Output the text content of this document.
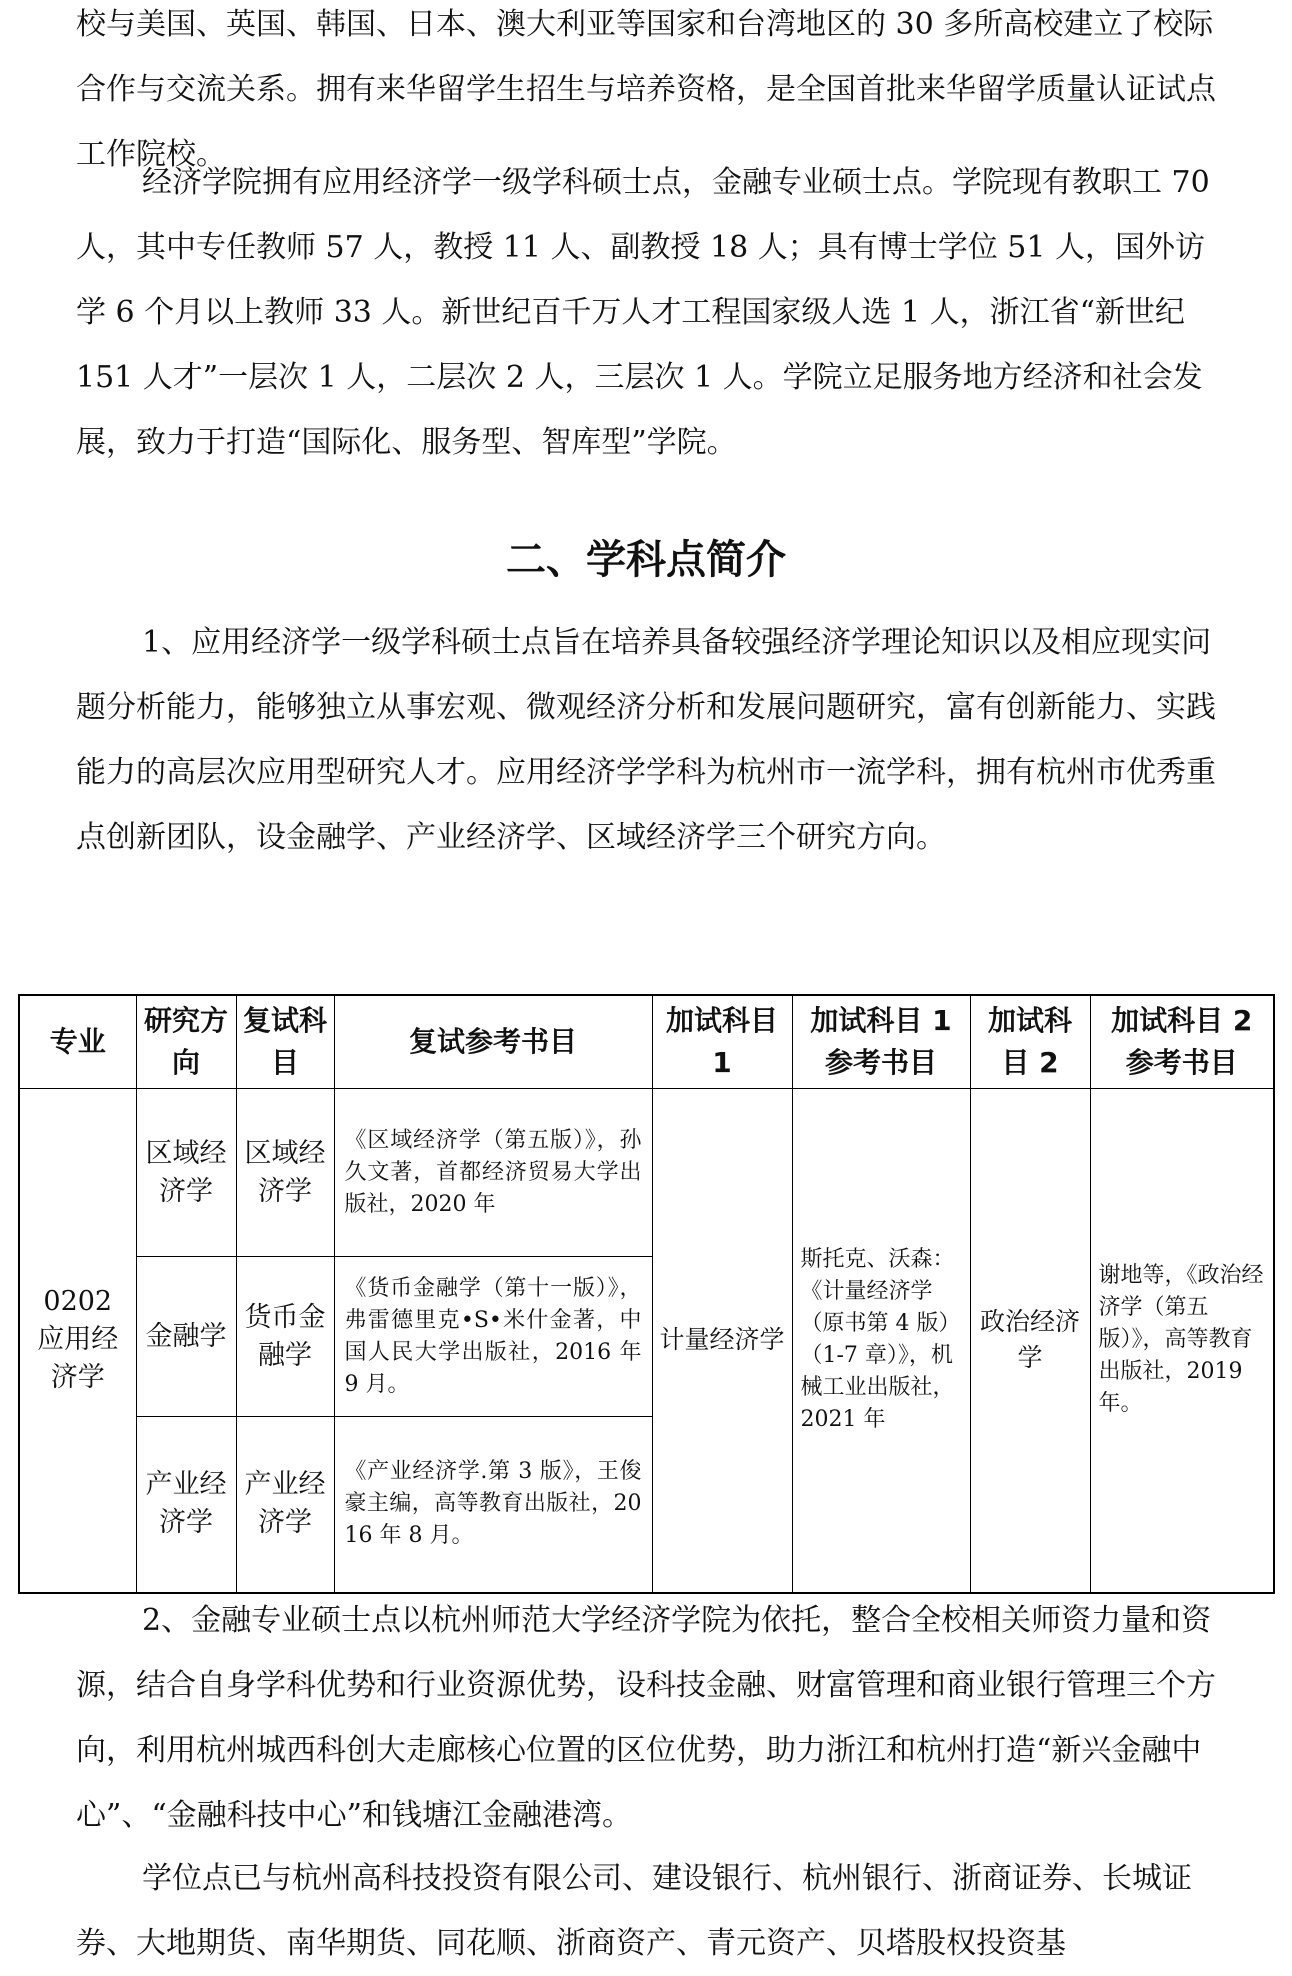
校与美国、英国、韩国、日本、澳大利亚等国家和台湾地区的 30 多所高校建立了校际合作与交流关系。拥有来华留学生招生与培养资格，是全国首批来华留学质量认证试点工作院校。

经济学院拥有应用经济学一级学科硕士点，金融专业硕士点。学院现有教职工 70 人，其中专任教师 57 人，教授 11 人、副教授 18 人；具有博士学位 51 人，国外访学 6 个月以上教师 33 人。新世纪百千万人才工程国家级人选 1 人，浙江省“新世纪 151 人才”一层次 1 人，二层次 2 人，三层次 1 人。学院立足服务地方经济和社会发展，致力于打造“国际化、服务型、智库型”学院。

二、学科点简介

1、应用经济学一级学科硕士点旨在培养具备较强经济学理论知识以及相应现实问题分析能力，能够独立从事宏观、微观经济分析和发展问题研究，富有创新能力、实践能力的高层次应用型研究人才。应用经济学学科为杭州市一流学科，拥有杭州市优秀重点创新团队，设金融学、产业经济学、区域经济学三个研究方向。

专业	研究方向	复试科目	复试参考书目	加试科目 1	加试科目 1 参考书目	加试科目 2	加试科目 2 参考书目
0202 应用经济学	区域经济学	区域经济学	《区域经济学（第五版）》，孙久文著，首都经济贸易大学出版社，2020 年	计量经济学	斯托克、沃森：《计量经济学（原书第 4 版）（1-7 章）》，机械工业出版社，2021 年	政治经济学	谢地等，《政治经济学（第五版）》，高等教育出版社，2019 年。
	金融学	货币金融学	《货币金融学（第十一版）》，弗雷德里克•S•米什金著，中国人民大学出版社，2016 年 9 月。				
	产业经济学	产业经济学	《产业经济学.第 3 版》，王俊豪主编，高等教育出版社，2016 年 8 月。				

2、金融专业硕士点以杭州师范大学经济学院为依托，整合全校相关师资力量和资源，结合自身学科优势和行业资源优势，设科技金融、财富管理和商业银行管理三个方向，利用杭州城西科创大走廊核心位置的区位优势，助力浙江和杭州打造“新兴金融中心”、“金融科技中心”和钱塘江金融港湾。

学位点已与杭州高科技投资有限公司、建设银行、杭州银行、浙商证券、长城证券、大地期货、南华期货、同花顺、浙商资产、青元资产、贝塔股权投资基
